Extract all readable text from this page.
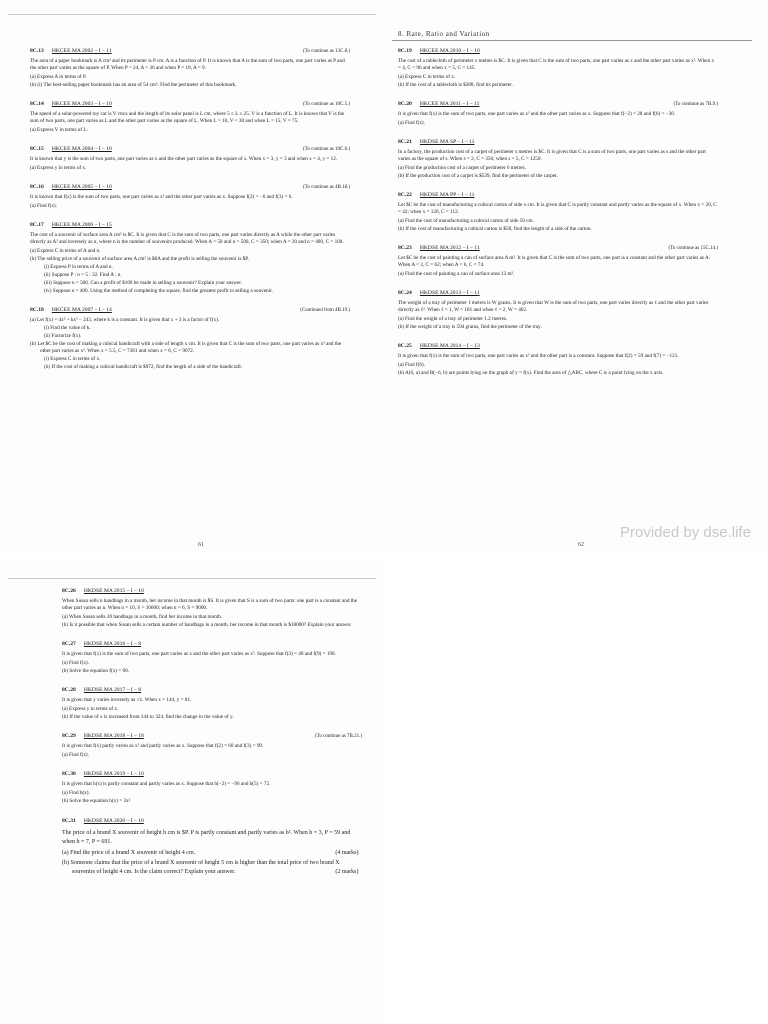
8. Rate, Ratio and Variation
8C.13 HKCEE MA 2002 – I – 11	(To continue as 13C.8.)
The area of a paper bookmark is A cm² and its perimeter is P cm. A is a function of P. It is known that A is the sum of two parts, one part varies as P and the other part varies as the square of P. When P = 24, A = 36 and when P = 18, A = 9.
(a) Express A in terms of P.
(b) (i) The best-selling paper bookmark has an area of 54 cm². Find the perimeter of this bookmark.
8C.14 HKCEE MA 2003 – I – 10	(To continue as 10C.5.)
The speed of a solar-powered toy car is V cm/s and the length of its solar panel is L cm, where 5 ≤ L ≤ 25. V is a function of L. It is known that V is the sum of two parts, one part varies as L and the other part varies as the square of L. When L = 10, V = 30 and when L = 15, V = 75.
(a) Express V in terms of L.
8C.15 HKCEE MA 2004 – I – 10	(To continue as 10C.6.)
It is known that y is the sum of two parts, one part varies as x and the other part varies as the square of x. When x = 3, y = 3 and when x = 4, y = 12.
(a) Express y in terms of x.
8C.16 HKCEE MA 2005 – I – 10	(To continue as 4B.18.)
It is known that f(x) is the sum of two parts, one part varies as x³ and the other part varies as x. Suppose f(2) = −6 and f(3) = 6.
(a) Find f(x).
8C.17 HKCEE MA 2006 – I – 15
The cost of a souvenir of surface area A cm² is $C. It is given that C is the sum of two parts, one part varies directly as A while the other part varies directly as A² and inversely as n, where n is the number of souvenirs produced. When A = 50 and n = 500, C = 350; when A = 20 and n = 400, C = 100.
(a) Express C in terms of A and n.
(b) The selling price of a souvenir of surface area A cm² is $8A and the profit is selling the souvenir is $P.
(i) Express P in terms of A and n.
(ii) Suppose P : n = 5 : 32. Find A : n.
(iii) Suppose n = 500. Can a profit of $100 be made in selling a souvenir? Explain your answer.
(iv) Suppose n = 400. Using the method of completing the square, find the greatest profit in selling a souvenir.
8C.18 HKCEE MA 2007 – I – 14	(Continued from 4B.19.)
(a) Let f(x) = 4x³ + kx² − 243, where k is a constant. It is given that x + 3 is a factor of f(x).
(i) Find the value of k.
(ii) Factorize f(x).
(b) Let $C be the cost of making a cubical handicraft with a side of length x cm. It is given that C is the sum of two parts, one part varies as x³ and the other part varies as x². When x = 5.5, C = 7381 and when x = 6, C = 9072.
(i) Express C in terms of x.
(ii) If the cost of making a cubical handicraft is $972, find the length of a side of the handicraft.
8C.19 HKCEE MA 2010 – I – 10
The cost of a tablecloth of perimeter x metres is $C. It is given that C is the sum of two parts, one part varies as x and the other part varies as x². When x = 4, C = 96 and when x = 5, C = 145.
(a) Express C in terms of x.
(b) If the cost of a tablecloth is $288, find its perimeter.
8C.20 HKCEE MA 2011 – I – 11	(To continue as 7B.9.)
It is given that f(x) is the sum of two parts, one part varies as x² and the other part varies as x. Suppose that f(−2) = 28 and f(6) = −36.
(a) Find f(x).
8C.21 HKDSE MA SP – I – 11
In a factory, the production cost of a carpet of perimeter s metres is $C. It is given that C is a sum of two parts, one part varies as s and the other part varies as the square of s. When s = 2, C = 356; when s = 5, C = 1250.
(a) Find the production cost of a carpet of perimeter 6 metres.
(b) If the production cost of a carpet is $539, find the perimeter of the carpet.
8C.22 HKDSE MA PP – I – 11
Let $C be the cost of manufacturing a cubical carton of side x cm. It is given that C is partly constant and partly varies as the square of x. When x = 20, C = 42; when x = 120, C = 112.
(a) Find the cost of manufacturing a cubical carton of side 50 cm.
(b) If the cost of manufacturing a cubical carton is $58, find the length of a side of the carton.
8C.23 HKDSE MA 2012 – I – 11	(To continue as 15C.14.)
Let $C be the cost of painting a can of surface area A m². It is given that C is the sum of two parts, one part is a constant and the other part varies as A. When A = 2, C = 62; when A = 6, C = 74.
(a) Find the cost of painting a can of surface area 13 m².
8C.24 HKDSE MA 2013 – I – 11
The weight of a tray of perimeter ℓ metres is W grams. It is given that W is the sum of two parts, one part varies directly as ℓ and the other part varies directly as ℓ². When ℓ = 1, W = 181 and when ℓ = 2, W = 402.
(a) Find the weight of a tray of perimeter 1.2 metres.
(b) If the weight of a tray is 594 grams, find the perimeter of the tray.
8C.25 HKDSE MA 2014 – I – 13
It is given that f(x) is the sum of two parts, one part varies as x² and the other part is a constant. Suppose that f(2) = 59 and f(7) = −121.
(a) Find f(6).
(b) A(6, a) and B(−6, b) are points lying on the graph of y = f(x). Find the area of △ABC, where C is a point lying on the x axis.
8C.26 HKDSE MA 2015 – I – 10
When Susan sells n handbags in a month, her income in that month is $S. It is given that S is a sum of two parts: one part is a constant and the other part varies as n. When n = 10, S = 10600; when n = 6, S = 9000.
(a) When Susan sells 20 handbags in a month, find her income in that month.
(b) Is it possible that when Susan sells a certain number of handbags in a month, her income in that month is $18000? Explain your answer.
8C.27 HKDSE MA 2016 – I – 8
It is given that f(x) is the sum of two parts, one part varies as x and the other part varies as x². Suppose that f(3) = 48 and f(9) = 198.
(a) Find f(x).
(b) Solve the equation f(x) = 90.
8C.28 HKDSE MA 2017 – I – 8
It is given that y varies inversely as √x. When x = 144, y = 81.
(a) Express y in terms of x.
(b) If the value of x is increased from 144 to 324, find the change in the value of y.
8C.29 HKDSE MA 2018 – I – 18	(To continue as 7B.21.)
It is given that f(x) partly varies as x² and partly varies as x. Suppose that f(2) = 60 and f(3) = 99.
(a) Find f(x).
8C.30 HKDSE MA 2019 – I – 10
It is given that h(x) is partly constant and partly varies as x. Suppose that h(−2) = −96 and h(5) = 72.
(a) Find h(x).
(b) Solve the equation h(x) = 3x².
8C.31 HKDSE MA 2020 – I – 10
The price of a brand X souvenir of height h cm is $P. P is partly constant and partly varies as h². When h = 3, P = 59 and when h = 7, P = 691.
(a) Find the price of a brand X souvenir of height 4 cm.	(4 marks)
(b) Someone claims that the price of a brand X souvenir of height 5 cm is higher than the total price of two brand X souvenirs of height 4 cm. Is the claim correct? Explain your answer.	(2 marks)
61	62
Provided by dse.life
